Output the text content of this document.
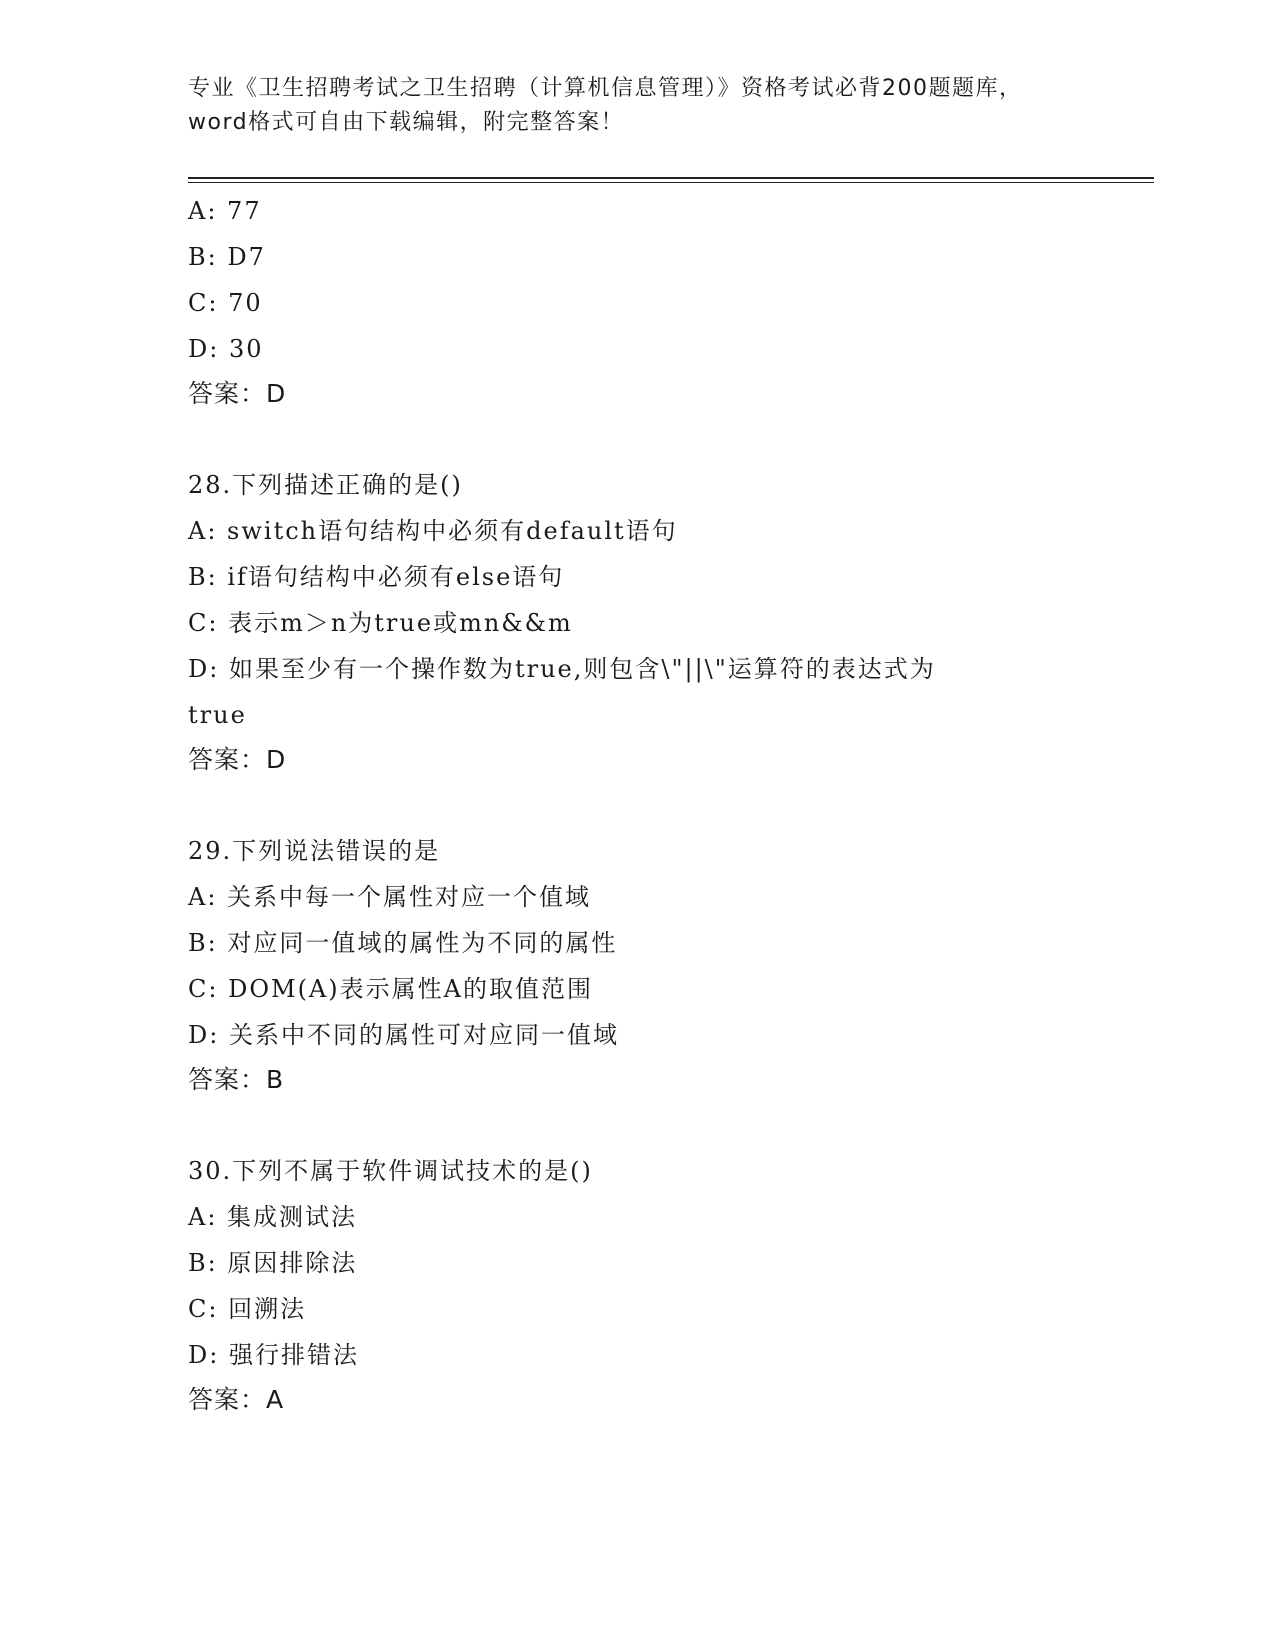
专业《卫生招聘考试之卫生招聘（计算机信息管理）》资格考试必背200题题库，
word格式可自由下载编辑，附完整答案！
A: 77
B: D7
C: 70
D: 30
答案：D
28.下列描述正确的是()
A: switch语句结构中必须有default语句
B: if语句结构中必须有else语句
C: 表示m＞n为true或mn&&m
D: 如果至少有一个操作数为true,则包含\"||\"运算符的表达式为
true
答案：D
29.下列说法错误的是
A: 关系中每一个属性对应一个值域
B: 对应同一值域的属性为不同的属性
C: DOM(A)表示属性A的取值范围
D: 关系中不同的属性可对应同一值域
答案：B
30.下列不属于软件调试技术的是()
A: 集成测试法
B: 原因排除法
C: 回溯法
D: 强行排错法
答案：A
